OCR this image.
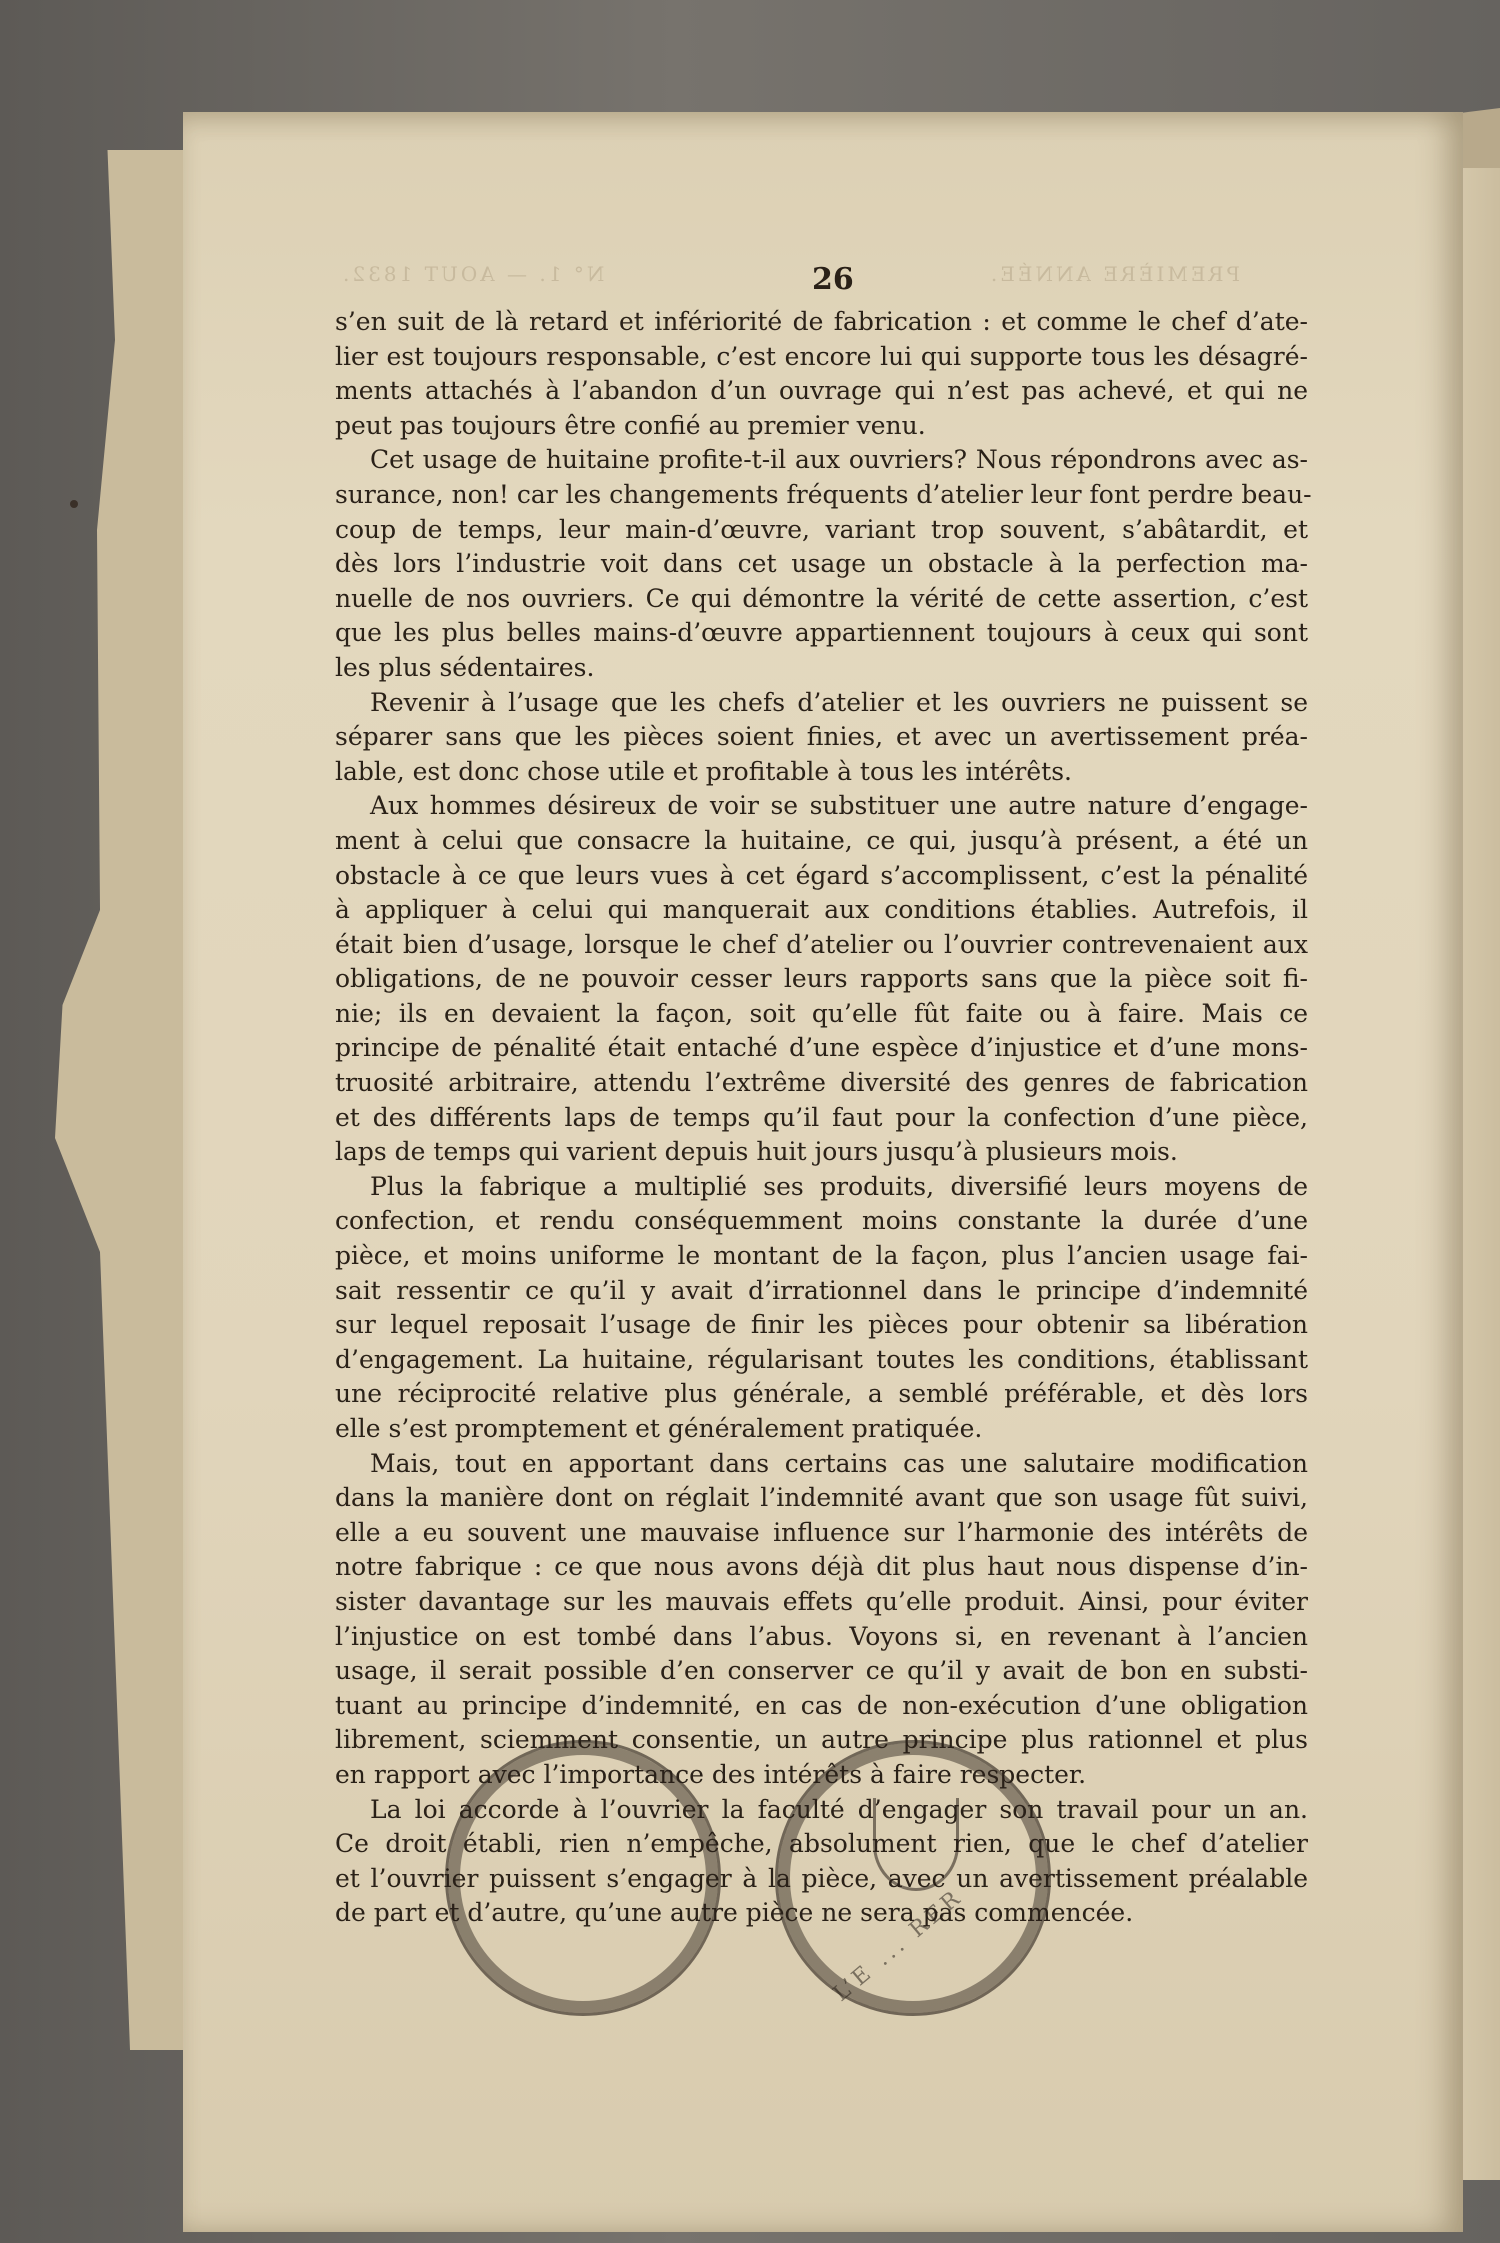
PREMIÈRE ANNÉE.
N° 1. — AOUT 1832.	26
s’en suit de là retard et infériorité de fabrication : et comme le chef d’ate-
lier est toujours responsable, c’est encore lui qui supporte tous les désagré-
ments attachés à l’abandon d’un ouvrage qui n’est pas achevé, et qui ne
peut pas toujours être confié au premier venu.
Cet usage de huitaine profite-t-il aux ouvriers? Nous répondrons avec as-
surance, non! car les changements fréquents d’atelier leur font perdre beau-
coup de temps, leur main-d’œuvre, variant trop souvent, s’abâtardit, et
dès lors l’industrie voit dans cet usage un obstacle à la perfection ma-
nuelle de nos ouvriers. Ce qui démontre la vérité de cette assertion, c’est
que les plus belles mains-d’œuvre appartiennent toujours à ceux qui sont
les plus sédentaires.
Revenir à l’usage que les chefs d’atelier et les ouvriers ne puissent se
séparer sans que les pièces soient finies, et avec un avertissement préa-
lable, est donc chose utile et profitable à tous les intérêts.
Aux hommes désireux de voir se substituer une autre nature d’engage-
ment à celui que consacre la huitaine, ce qui, jusqu’à présent, a été un
obstacle à ce que leurs vues à cet égard s’accomplissent, c’est la pénalité
à appliquer à celui qui manquerait aux conditions établies. Autrefois, il
était bien d’usage, lorsque le chef d’atelier ou l’ouvrier contrevenaient aux
obligations, de ne pouvoir cesser leurs rapports sans que la pièce soit fi-
nie; ils en devaient la façon, soit qu’elle fût faite ou à faire. Mais ce
principe de pénalité était entaché d’une espèce d’injustice et d’une mons-
truosité arbitraire, attendu l’extrême diversité des genres de fabrication
et des différents laps de temps qu’il faut pour la confection d’une pièce,
laps de temps qui varient depuis huit jours jusqu’à plusieurs mois.
Plus la fabrique a multiplié ses produits, diversifié leurs moyens de
confection, et rendu conséquemment moins constante la durée d’une
pièce, et moins uniforme le montant de la façon, plus l’ancien usage fai-
sait ressentir ce qu’il y avait d’irrationnel dans le principe d’indemnité
sur lequel reposait l’usage de finir les pièces pour obtenir sa libération
d’engagement. La huitaine, régularisant toutes les conditions, établissant
une réciprocité relative plus générale, a semblé préférable, et dès lors
elle s’est promptement et généralement pratiquée.
Mais, tout en apportant dans certains cas une salutaire modification
dans la manière dont on réglait l’indemnité avant que son usage fût suivi,
elle a eu souvent une mauvaise influence sur l’harmonie des intérêts de
notre fabrique : ce que nous avons déjà dit plus haut nous dispense d’in-
sister davantage sur les mauvais effets qu’elle produit. Ainsi, pour éviter
l’injustice on est tombé dans l’abus. Voyons si, en revenant à l’ancien
usage, il serait possible d’en conserver ce qu’il y avait de bon en substi-
tuant au principe d’indemnité, en cas de non-exécution d’une obligation
librement, sciemment consentie, un autre principe plus rationnel et plus
en rapport avec l’importance des intérêts à faire respecter.
La loi accorde à l’ouvrier la faculté d’engager son travail pour un an.
Ce droit établi, rien n’empêche, absolument rien, que le chef d’atelier
et l’ouvrier puissent s’engager à la pièce, avec un avertissement préalable
de part et d’autre, qu’une autre pièce ne sera pas commencée.
L’E ... RER
